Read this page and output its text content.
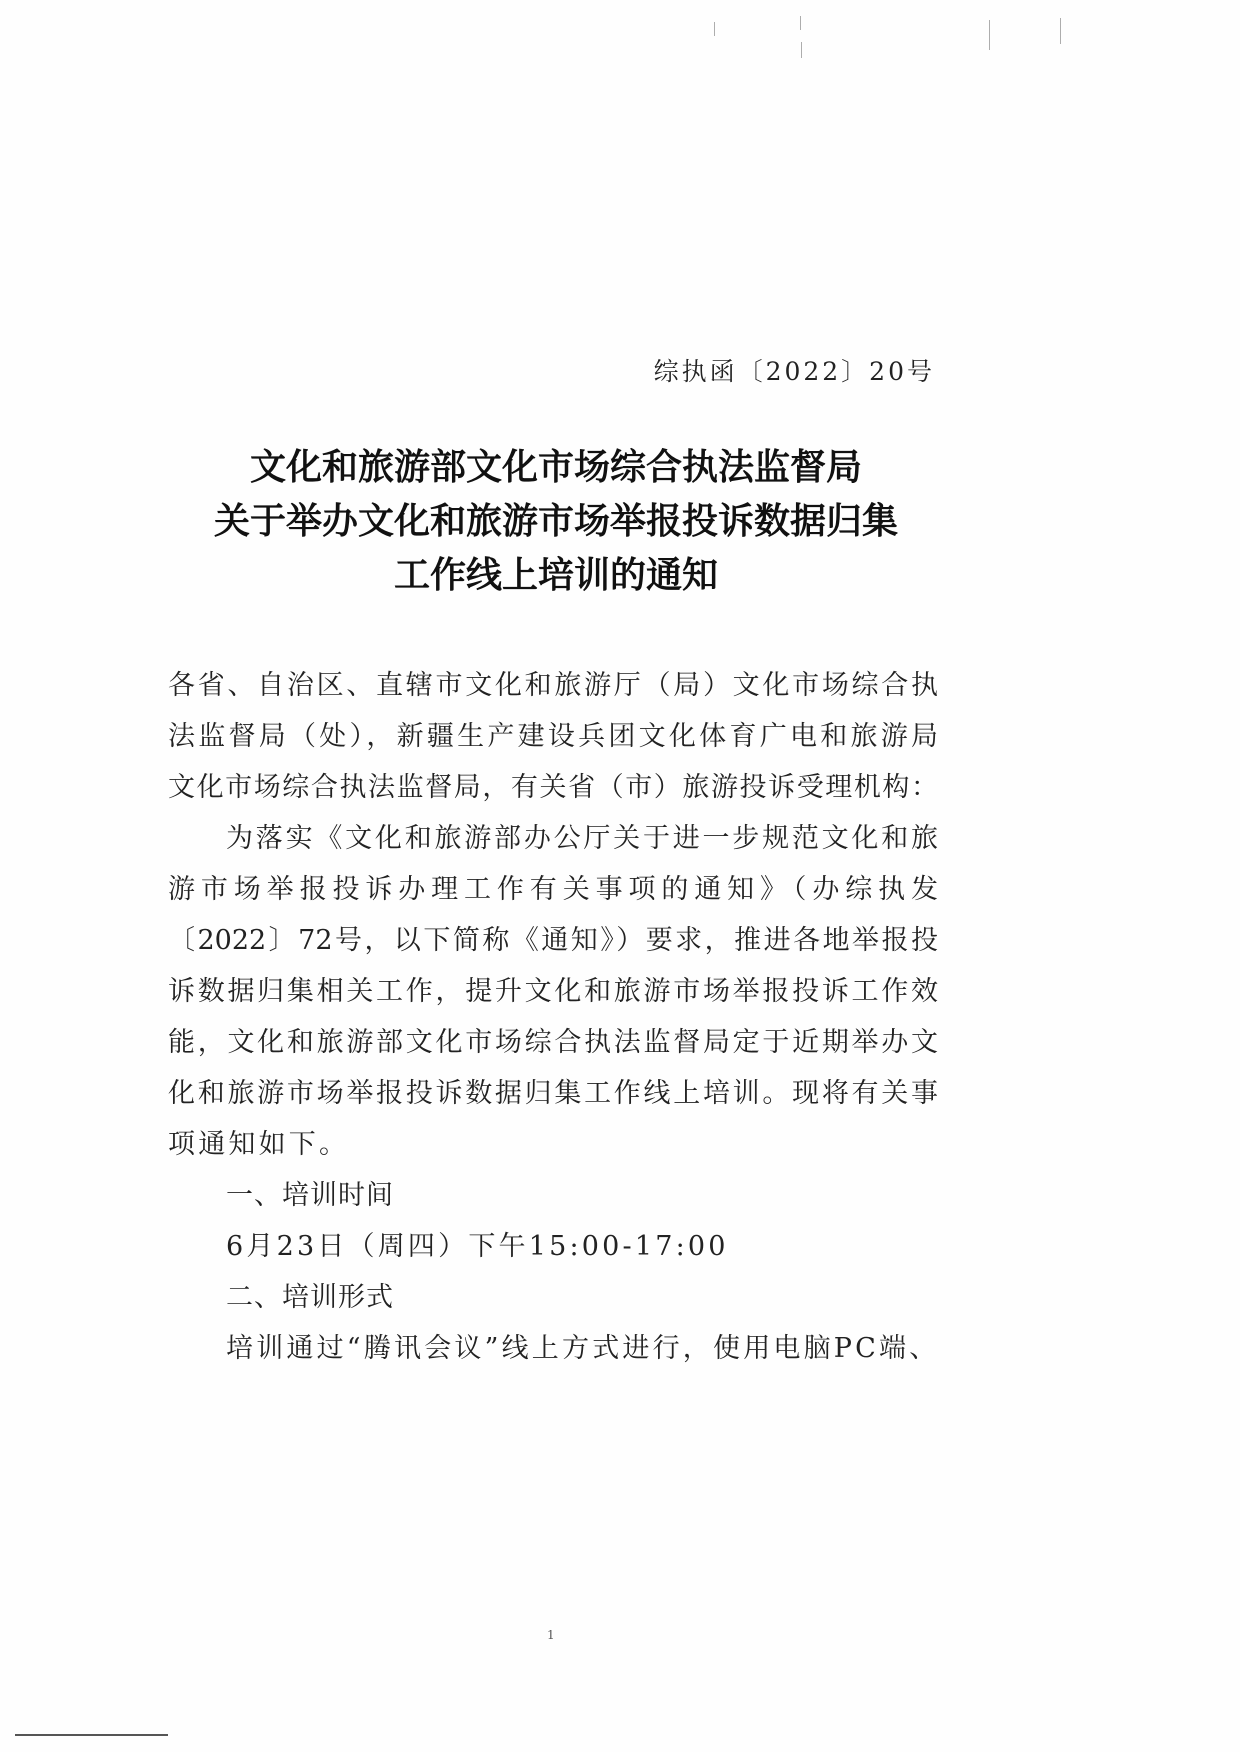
综执函〔2022〕20号
文化和旅游部文化市场综合执法监督局
关于举办文化和旅游市场举报投诉数据归集
工作线上培训的通知
各省、自治区、直辖市文化和旅游厅（局）文化市场综合执
法监督局（处），新疆生产建设兵团文化体育广电和旅游局
文化市场综合执法监督局，有关省（市）旅游投诉受理机构：
为落实《文化和旅游部办公厅关于进一步规范文化和旅
游市场举报投诉办理工作有关事项的通知》（办综执发
〔2022〕72号，以下简称《通知》）要求，推进各地举报投
诉数据归集相关工作，提升文化和旅游市场举报投诉工作效
能，文化和旅游部文化市场综合执法监督局定于近期举办文
化和旅游市场举报投诉数据归集工作线上培训。现将有关事
项通知如下。
一、培训时间
6月23日（周四）下午15:00-17:00
二、培训形式
培训通过“腾讯会议”线上方式进行，使用电脑PC端、
1
